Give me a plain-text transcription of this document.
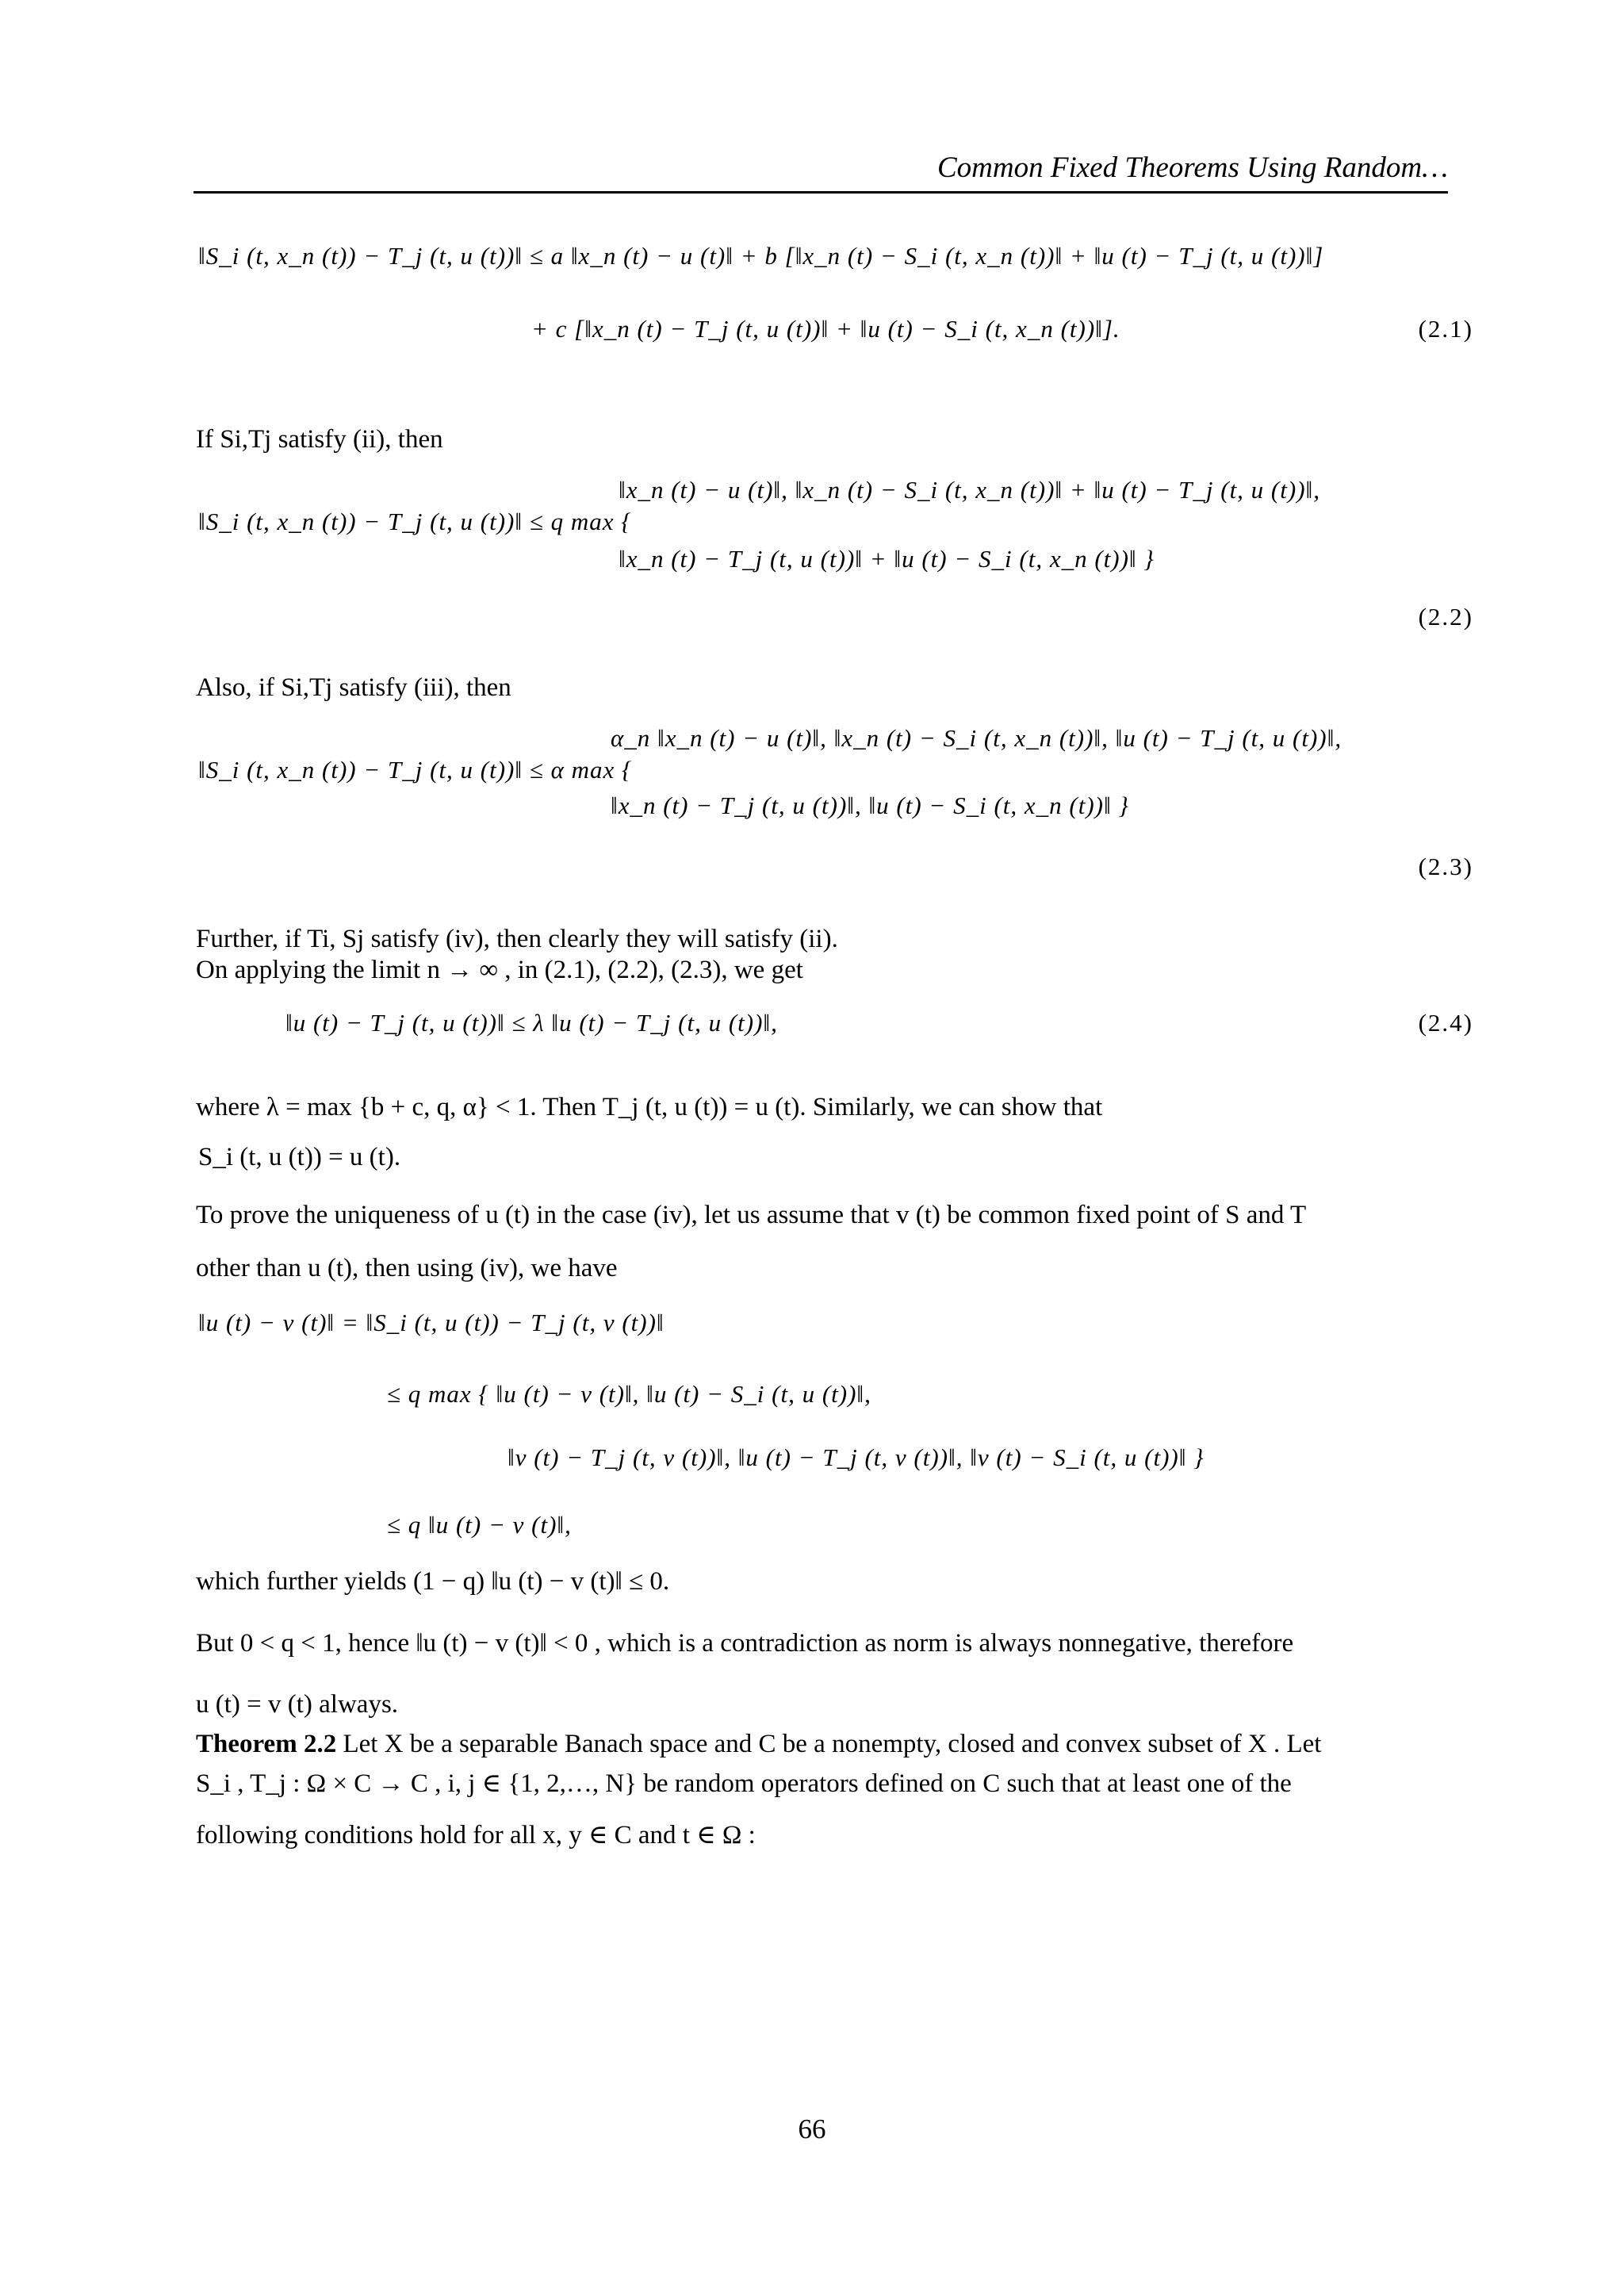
Common Fixed Theorems Using Random…
‖S_i (t, x_n (t)) − T_j (t, u (t))‖ ≤ a ‖x_n (t) − u (t)‖ + b [‖x_n (t) − S_i (t, x_n (t))‖ + ‖u (t) − T_j (t, u (t))‖]
+ c [‖x_n (t) − T_j (t, u (t))‖ + ‖u (t) − S_i (t, x_n (t))‖].	(2.1)
If Si,Tj satisfy (ii), then
‖S_i (t, x_n (t)) − T_j (t, u (t))‖ ≤ q max {
‖x_n (t) − u (t)‖, ‖x_n (t) − S_i (t, x_n (t))‖ + ‖u (t) − T_j (t, u (t))‖,
‖x_n (t) − T_j (t, u (t))‖ + ‖u (t) − S_i (t, x_n (t))‖ }
(2.2)
Also, if Si,Tj satisfy (iii), then
‖S_i (t, x_n (t)) − T_j (t, u (t))‖ ≤ α max {
α_n ‖x_n (t) − u (t)‖, ‖x_n (t) − S_i (t, x_n (t))‖, ‖u (t) − T_j (t, u (t))‖,
‖x_n (t) − T_j (t, u (t))‖, ‖u (t) − S_i (t, x_n (t))‖ }
(2.3)
Further, if Ti, Sj satisfy (iv), then clearly they will satisfy (ii).
On applying the limit n → ∞ , in (2.1), (2.2), (2.3), we get
‖u (t) − T_j (t, u (t))‖ ≤ λ ‖u (t) − T_j (t, u (t))‖,	(2.4)
where λ = max {b + c, q, α} < 1. Then T_j (t, u (t)) = u (t). Similarly, we can show that
S_i (t, u (t)) = u (t).
To prove the uniqueness of u (t) in the case (iv), let us assume that v (t) be common fixed point of S and T
other than u (t), then using (iv), we have
‖u (t) − v (t)‖ = ‖S_i (t, u (t)) − T_j (t, v (t))‖
≤ q max { ‖u (t) − v (t)‖, ‖u (t) − S_i (t, u (t))‖,
‖v (t) − T_j (t, v (t))‖, ‖u (t) − T_j (t, v (t))‖, ‖v (t) − S_i (t, u (t))‖ }
≤ q ‖u (t) − v (t)‖,
which further yields (1 − q) ‖u (t) − v (t)‖ ≤ 0.
But 0 < q < 1, hence ‖u (t) − v (t)‖ < 0 , which is a contradiction as norm is always nonnegative, therefore
u (t) = v (t) always.
Theorem 2.2 Let X be a separable Banach space and C be a nonempty, closed and convex subset of X . Let
S_i , T_j : Ω × C → C , i, j ∈ {1, 2,…, N} be random operators defined on C such that at least one of the
following conditions hold for all x, y ∈ C and t ∈ Ω :
66
